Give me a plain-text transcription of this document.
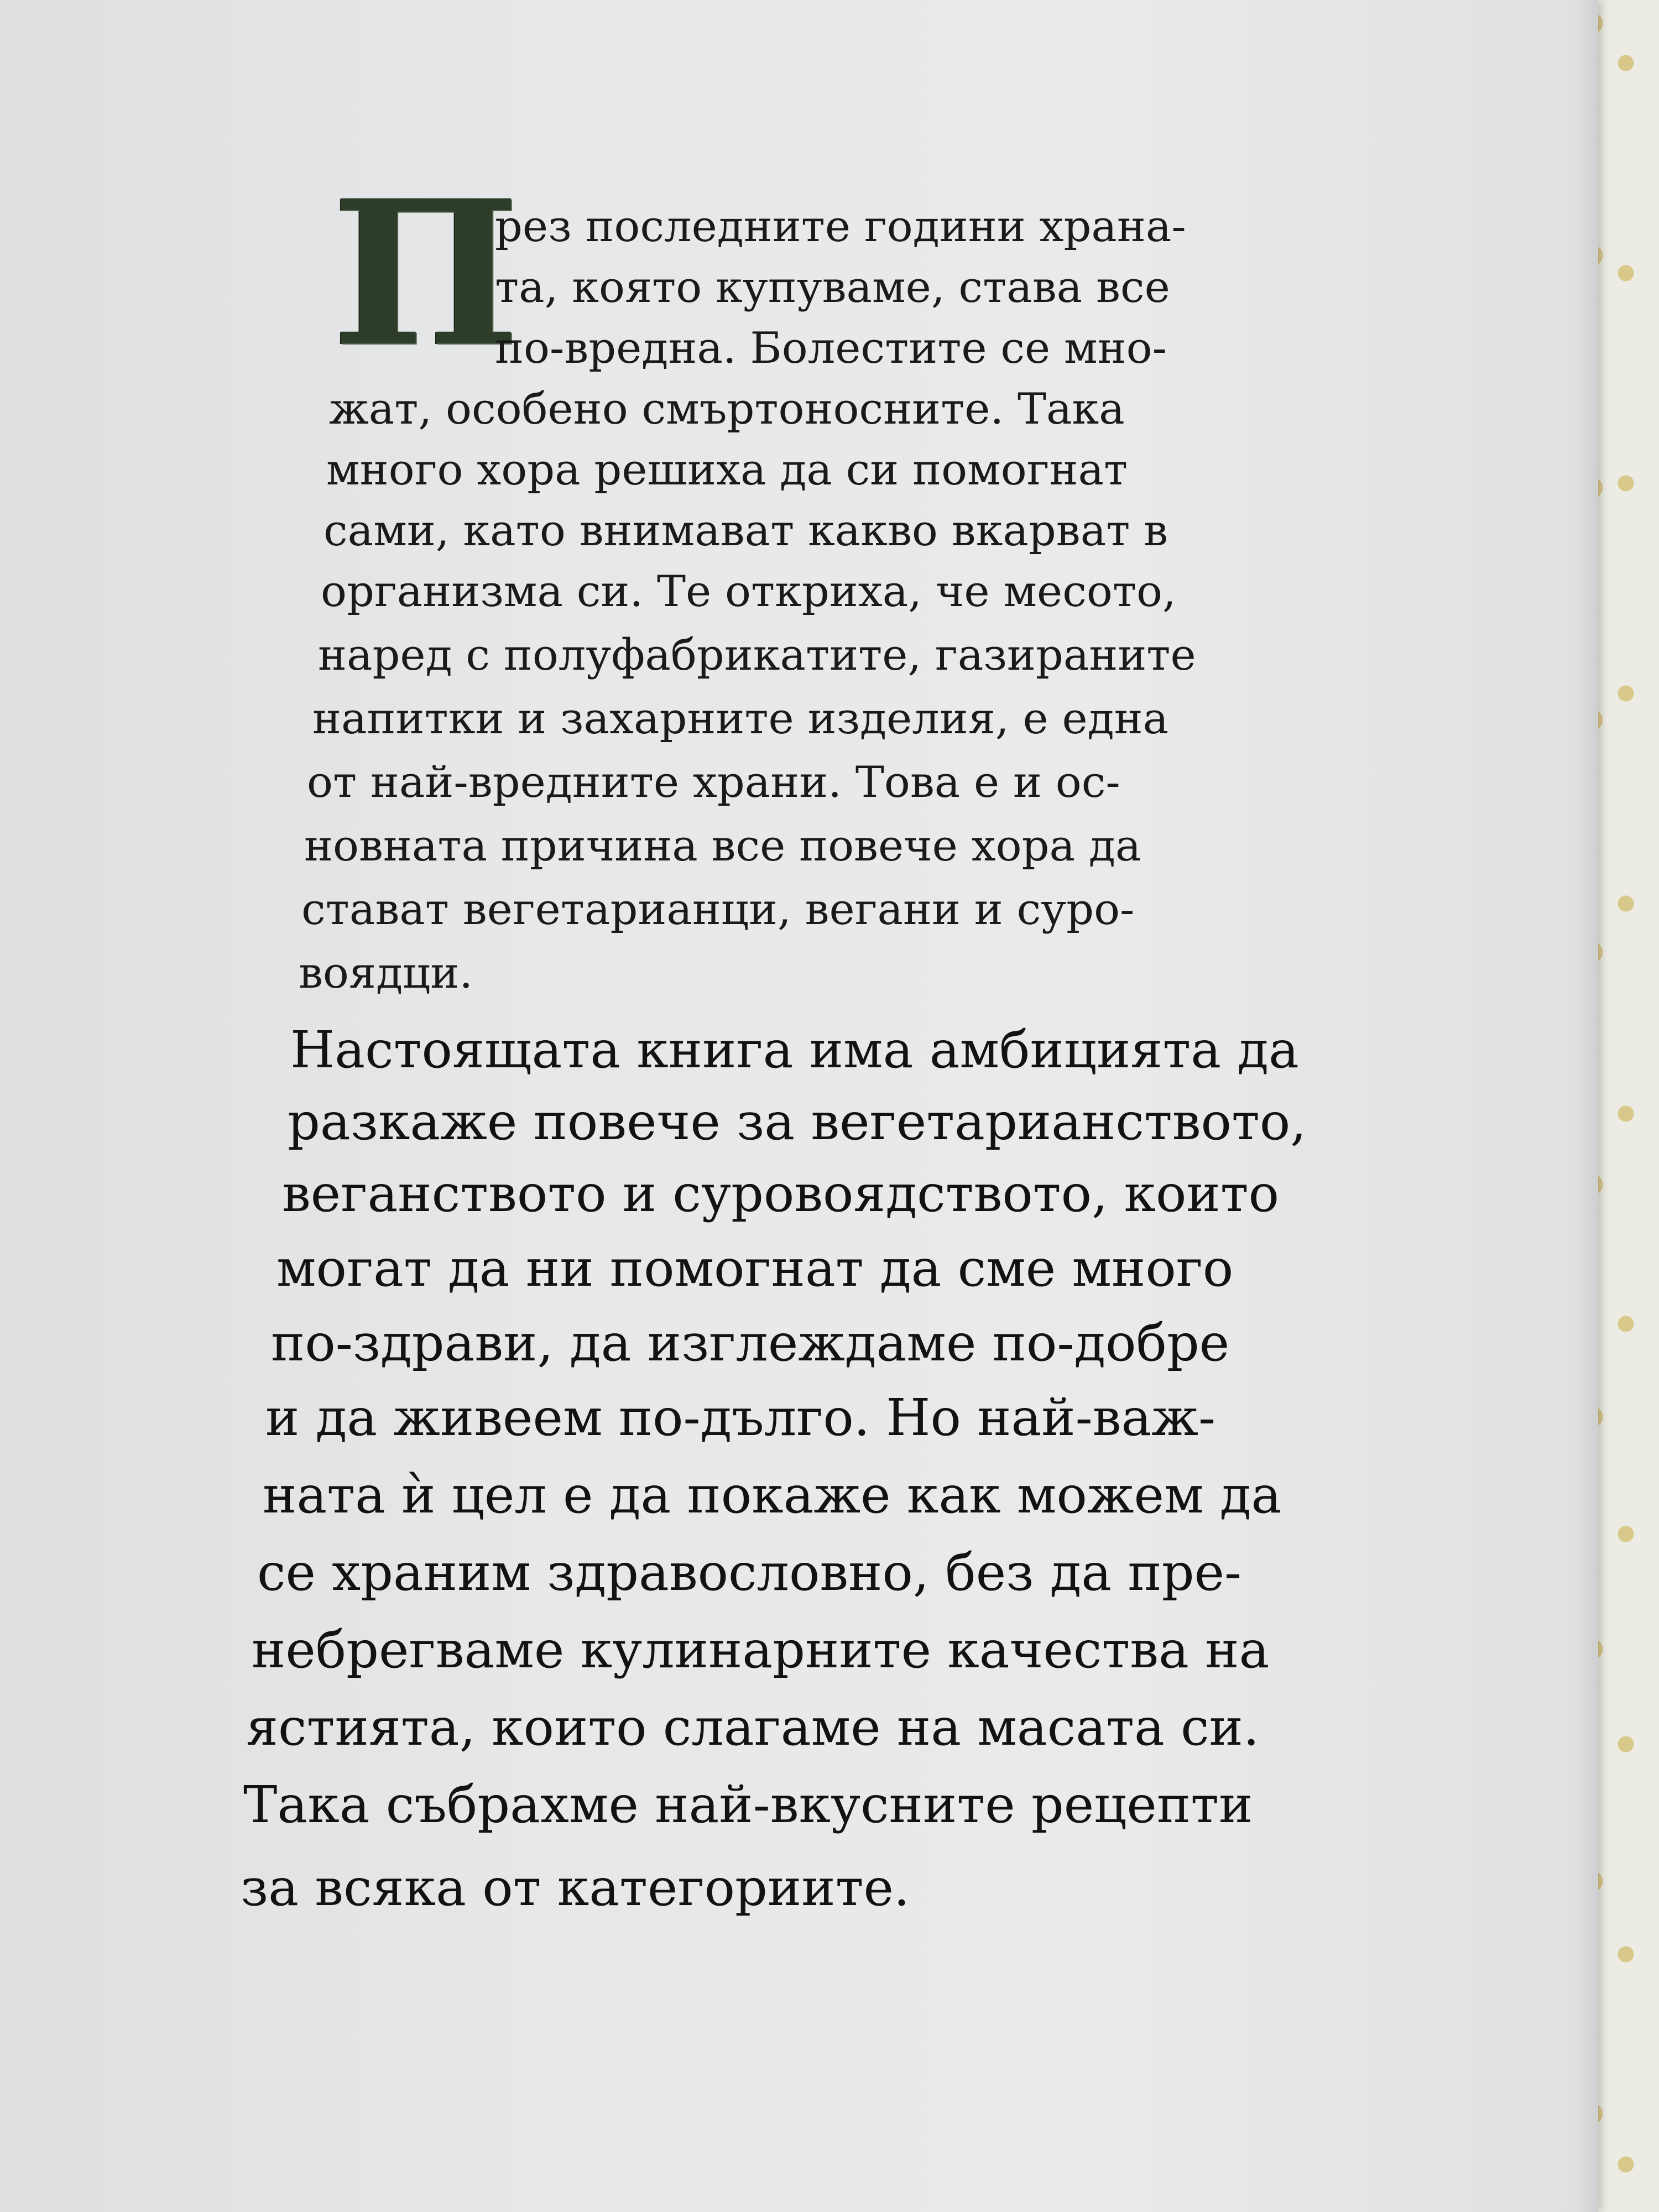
П
рез последните години храна-
та, която купуваме, става все
по-вредна. Болестите се мно-
жат, особено смъртоносните. Така
много хора решиха да си помогнат
сами, като внимават какво вкарват в
организма си. Те откриха, че месото,
наред с полуфабрикатите, газираните
напитки и захарните изделия, е една
от най-вредните храни. Това е и ос-
новната причина все повече хора да
стават вегетарианци, вегани и суро-
воядци.
Настоящата книга има амбицията да
разкаже повече за вегетарианството,
веганството и суровоядството, които
могат да ни помогнат да сме много
по-здрави, да изглеждаме по-добре
и да живеем по-дълго. Но най-важ-
ната ѝ цел е да покаже как можем да
се храним здравословно, без да пре-
небрегваме кулинарните качества на
ястията, които слагаме на масата си.
Така събрахме най-вкусните рецепти
за всяка от категориите.
